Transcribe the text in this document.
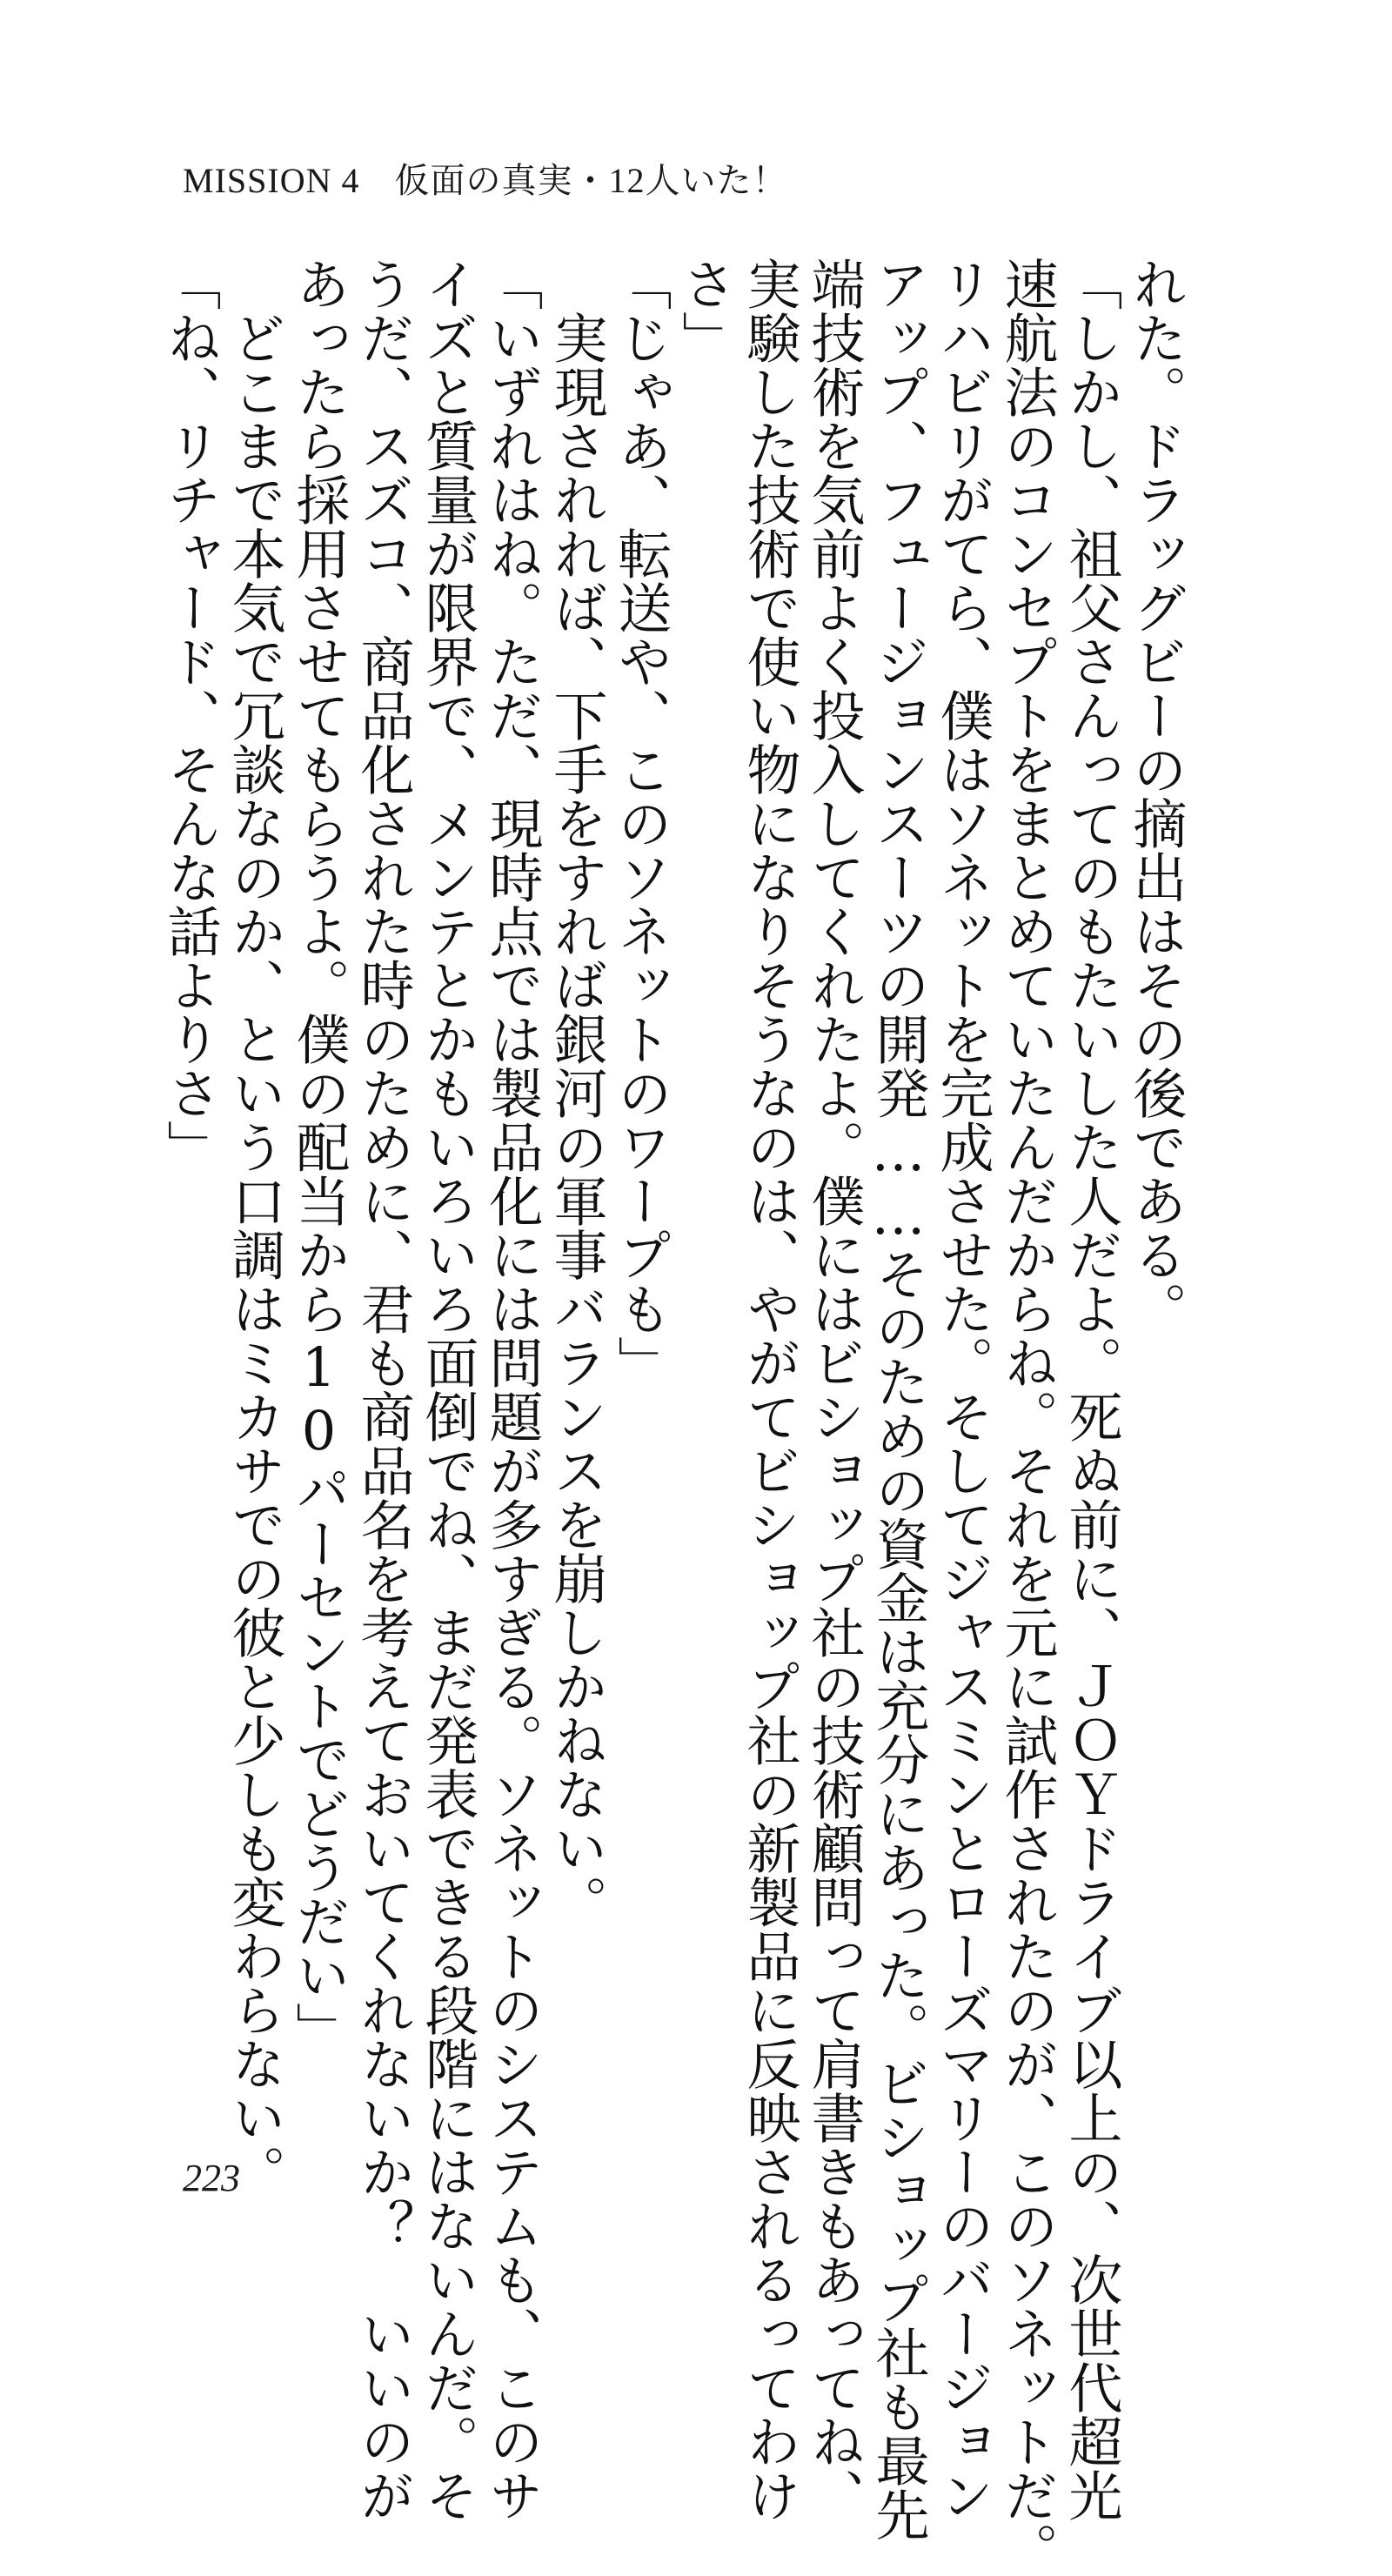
MISSION 4 仮面の真実・12人いた！
れた。ドラッグビーの摘出はその後である。
「しかし、祖父さんってのもたいした人だよ。死ぬ前に、ＪＯＹドライブ以上の、次世代超光
速航法のコンセプトをまとめていたんだからね。それを元に試作されたのが、このソネットだ。
リハビリがてら、僕はソネットを完成させた。そしてジャスミンとローズマリーのバージョン
アップ、フュージョンスーツの開発……そのための資金は充分にあった。ビショップ社も最先
端技術を気前よく投入してくれたよ。僕にはビショップ社の技術顧問って肩書きもあってね、
実験した技術で使い物になりそうなのは、やがてビショップ社の新製品に反映されるってわけ
さ」
「じゃあ、転送や、このソネットのワープも」
　実現されれば、下手をすれば銀河の軍事バランスを崩しかねない。
「いずれはね。ただ、現時点では製品化には問題が多すぎる。ソネットのシステムも、このサ
イズと質量が限界で、メンテとかもいろいろ面倒でね、まだ発表できる段階にはないんだ。そ
うだ、スズコ、商品化された時のために、君も商品名を考えておいてくれないか？　いいのが
あったら採用させてもらうよ。僕の配当から10パーセントでどうだい」
　どこまで本気で冗談なのか、という口調はミカサでの彼と少しも変わらない。
「ね、リチャード、そんな話よりさ」
223
